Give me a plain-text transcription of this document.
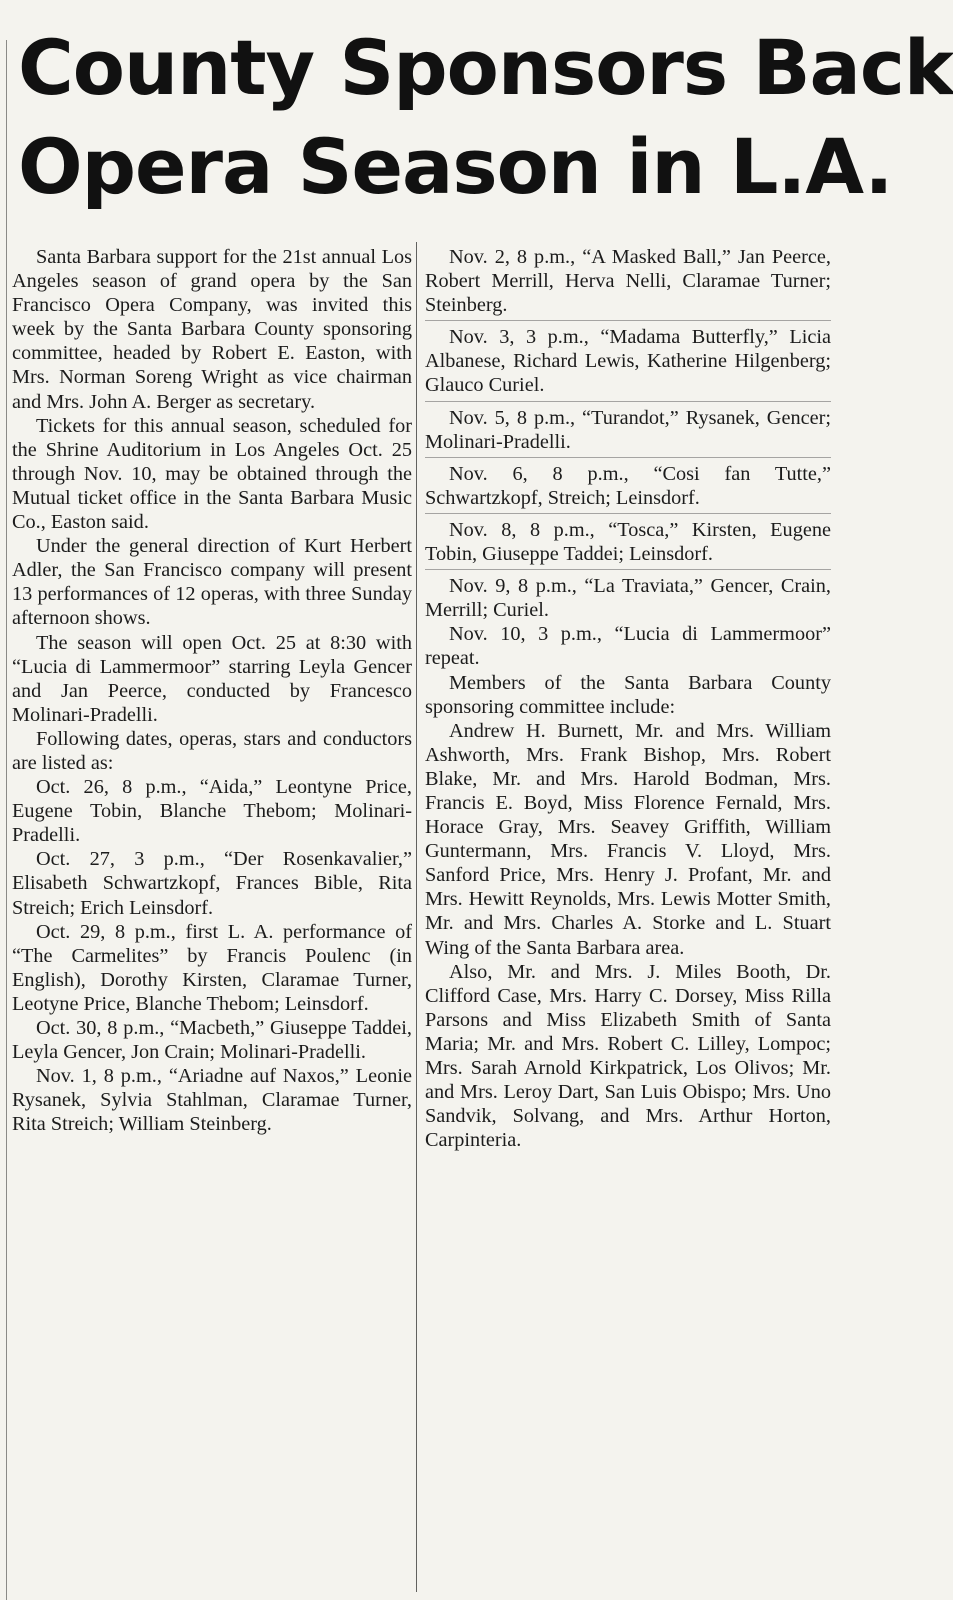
County Sponsors Back
Opera Season in L.A.

Santa Barbara support for the 21st annual Los Angeles season of grand opera by the San Francisco Opera Company, was invited this week by the Santa Barbara County sponsoring committee, headed by Robert E. Easton, with Mrs. Norman Soreng Wright as vice chairman and Mrs. John A. Berger as secretary.

Tickets for this annual season, scheduled for the Shrine Auditorium in Los Angeles Oct. 25 through Nov. 10, may be obtained through the Mutual ticket office in the Santa Barbara Music Co., Easton said.

Under the general direction of Kurt Herbert Adler, the San Francisco company will present 13 performances of 12 operas, with three Sunday afternoon shows.

The season will open Oct. 25 at 8:30 with “Lucia di Lammermoor” starring Leyla Gencer and Jan Peerce, conducted by Francesco Molinari-Pradelli.

Following dates, operas, stars and conductors are listed as:

Oct. 26, 8 p.m., “Aida,” Leontyne Price, Eugene Tobin, Blanche Thebom; Molinari-Pradelli.

Oct. 27, 3 p.m., “Der Rosenkavalier,” Elisabeth Schwartzkopf, Frances Bible, Rita Streich; Erich Leinsdorf.

Oct. 29, 8 p.m., first L. A. performance of “The Carmelites” by Francis Poulenc (in English), Dorothy Kirsten, Claramae Turner, Leotyne Price, Blanche Thebom; Leinsdorf.

Oct. 30, 8 p.m., “Macbeth,” Giuseppe Taddei, Leyla Gencer, Jon Crain; Molinari-Pradelli.

Nov. 1, 8 p.m., “Ariadne auf Naxos,” Leonie Rysanek, Sylvia Stahlman, Claramae Turner, Rita Streich; William Steinberg.

Nov. 2, 8 p.m., “A Masked Ball,” Jan Peerce, Robert Merrill, Herva Nelli, Claramae Turner; Steinberg.

Nov. 3, 3 p.m., “Madama Butterfly,” Licia Albanese, Richard Lewis, Katherine Hilgenberg; Glauco Curiel.

Nov. 5, 8 p.m., “Turandot,” Rysanek, Gencer; Molinari-Pradelli.

Nov. 6, 8 p.m., “Cosi fan Tutte,” Schwartzkopf, Streich; Leinsdorf.

Nov. 8, 8 p.m., “Tosca,” Kirsten, Eugene Tobin, Giuseppe Taddei; Leinsdorf.

Nov. 9, 8 p.m., “La Traviata,” Gencer, Crain, Merrill; Curiel.

Nov. 10, 3 p.m., “Lucia di Lammermoor” repeat.

Members of the Santa Barbara County sponsoring committee include:

Andrew H. Burnett, Mr. and Mrs. William Ashworth, Mrs. Frank Bishop, Mrs. Robert Blake, Mr. and Mrs. Harold Bodman, Mrs. Francis E. Boyd, Miss Florence Fernald, Mrs. Horace Gray, Mrs. Seavey Griffith, William Guntermann, Mrs. Francis V. Lloyd, Mrs. Sanford Price, Mrs. Henry J. Profant, Mr. and Mrs. Hewitt Reynolds, Mrs. Lewis Motter Smith, Mr. and Mrs. Charles A. Storke and L. Stuart Wing of the Santa Barbara area.

Also, Mr. and Mrs. J. Miles Booth, Dr. Clifford Case, Mrs. Harry C. Dorsey, Miss Rilla Parsons and Miss Elizabeth Smith of Santa Maria; Mr. and Mrs. Robert C. Lilley, Lompoc; Mrs. Sarah Arnold Kirkpatrick, Los Olivos; Mr. and Mrs. Leroy Dart, San Luis Obispo; Mrs. Uno Sandvik, Solvang, and Mrs. Arthur Horton, Carpinteria.
